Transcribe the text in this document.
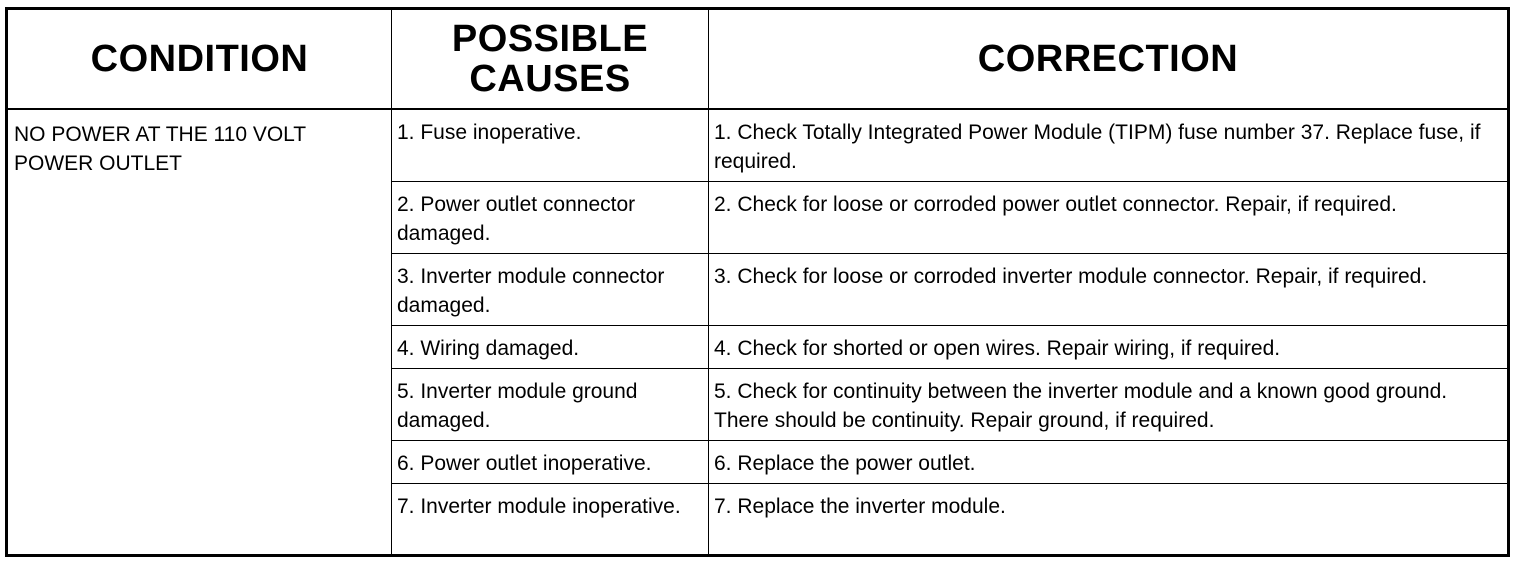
CONDITION	POSSIBLE CAUSES	CORRECTION
NO POWER AT THE 110 VOLT POWER OUTLET	1. Fuse inoperative.	1. Check Totally Integrated Power Module (TIPM) fuse number 37. Replace fuse, if required.
	2. Power outlet connector damaged.	2. Check for loose or corroded power outlet connector. Repair, if required.
	3. Inverter module connector damaged.	3. Check for loose or corroded inverter module connector. Repair, if required.
	4. Wiring damaged.	4. Check for shorted or open wires. Repair wiring, if required.
	5. Inverter module ground damaged.	5. Check for continuity between the inverter module and a known good ground. There should be continuity. Repair ground, if required.
	6. Power outlet inoperative.	6. Replace the power outlet.
	7. Inverter module inoperative.	7. Replace the inverter module.
